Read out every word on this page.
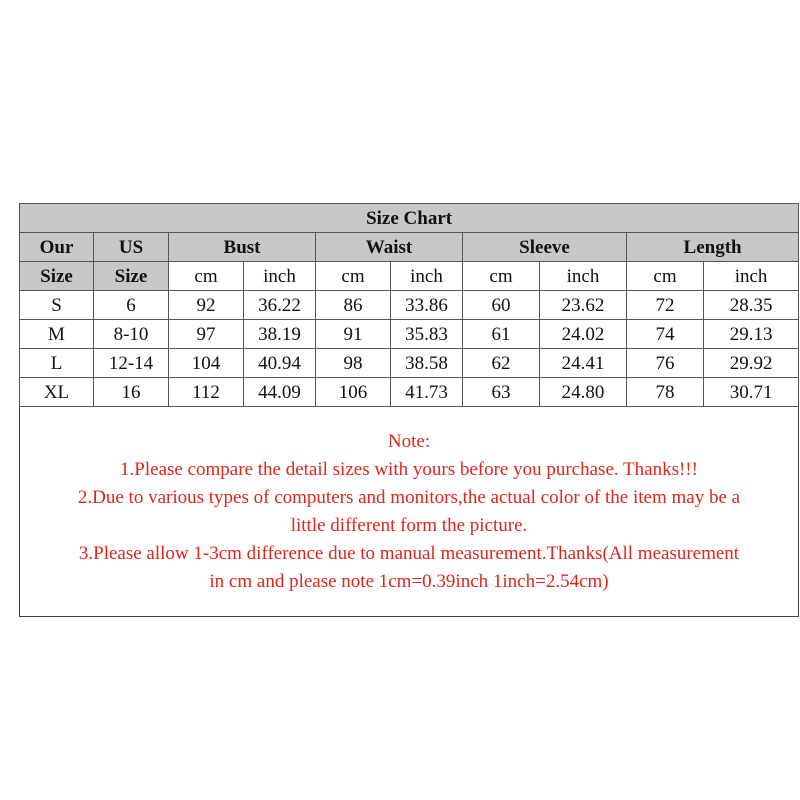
Size Chart									
Our	US	Bust		Waist		Sleeve		Length	
Size	Size	cm	inch	cm	inch	cm	inch	cm	inch
S	6	92	36.22	86	33.86	60	23.62	72	28.35
M	8-10	97	38.19	91	35.83	61	24.02	74	29.13
L	12-14	104	40.94	98	38.58	62	24.41	76	29.92
XL	16	112	44.09	106	41.73	63	24.80	78	30.71
Note:
1.Please compare the detail sizes with yours before you purchase. Thanks!!!
2.Due to various types of computers and monitors,the actual color of the item may be a
little different form the picture.
3.Please allow 1-3cm difference due to manual measurement.Thanks(All measurement
in cm and please note 1cm=0.39inch 1inch=2.54cm)
